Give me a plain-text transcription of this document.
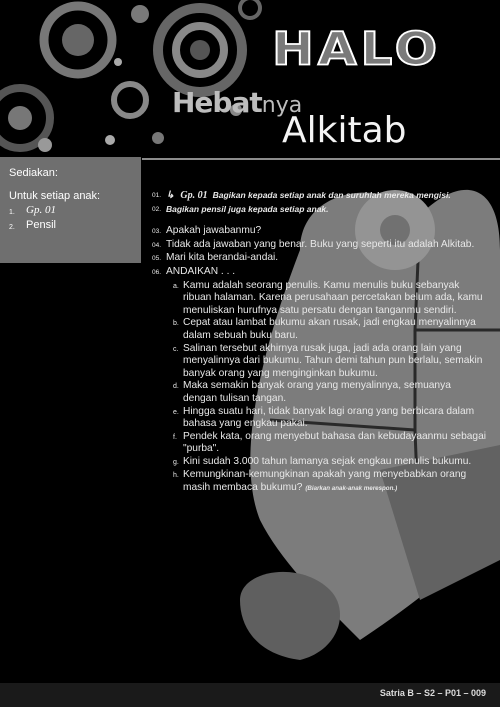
HALO
Hebatnya
Alkitab
Sediakan:
Untuk setiap anak:
1.	Gp. 01
2.	Pensil
01. ↳ Gp. 01 Bagikan kepada setiap anak dan suruhlah mereka mengisi.
02. Bagikan pensil juga kepada setiap anak.
03. Apakah jawabanmu?
04. Tidak ada jawaban yang benar. Buku yang seperti itu adalah Alkitab.
05. Mari kita berandai-andai.
06. ANDAIKAN . . .
a. Kamu adalah seorang penulis. Kamu menulis buku sebanyak ribuan halaman. Karena perusahaan percetakan belum ada, kamu menuliskan hurufnya satu persatu dengan tanganmu sendiri.
b. Cepat atau lambat bukumu akan rusak, jadi engkau menyalinnya dalam sebuah buku baru.
c. Salinan tersebut akhirnya rusak juga, jadi ada orang lain yang menyalinnya dari bukumu. Tahun demi tahun pun berlalu, semakin banyak orang yang menginginkan bukumu.
d. Maka semakin banyak orang yang menyalinnya, semuanya dengan tulisan tangan.
e. Hingga suatu hari, tidak banyak lagi orang yang berbicara dalam bahasa yang engkau pakai.
f. Pendek kata, orang menyebut bahasa dan kebudayaanmu sebagai "purba".
g. Kini sudah 3.000 tahun lamanya sejak engkau menulis bukumu.
h. Kemungkinan-kemungkinan apakah yang menyebabkan orang masih membaca bukumu? (Biarkan anak-anak merespon.)
Satria B – S2 – P01 – 009
